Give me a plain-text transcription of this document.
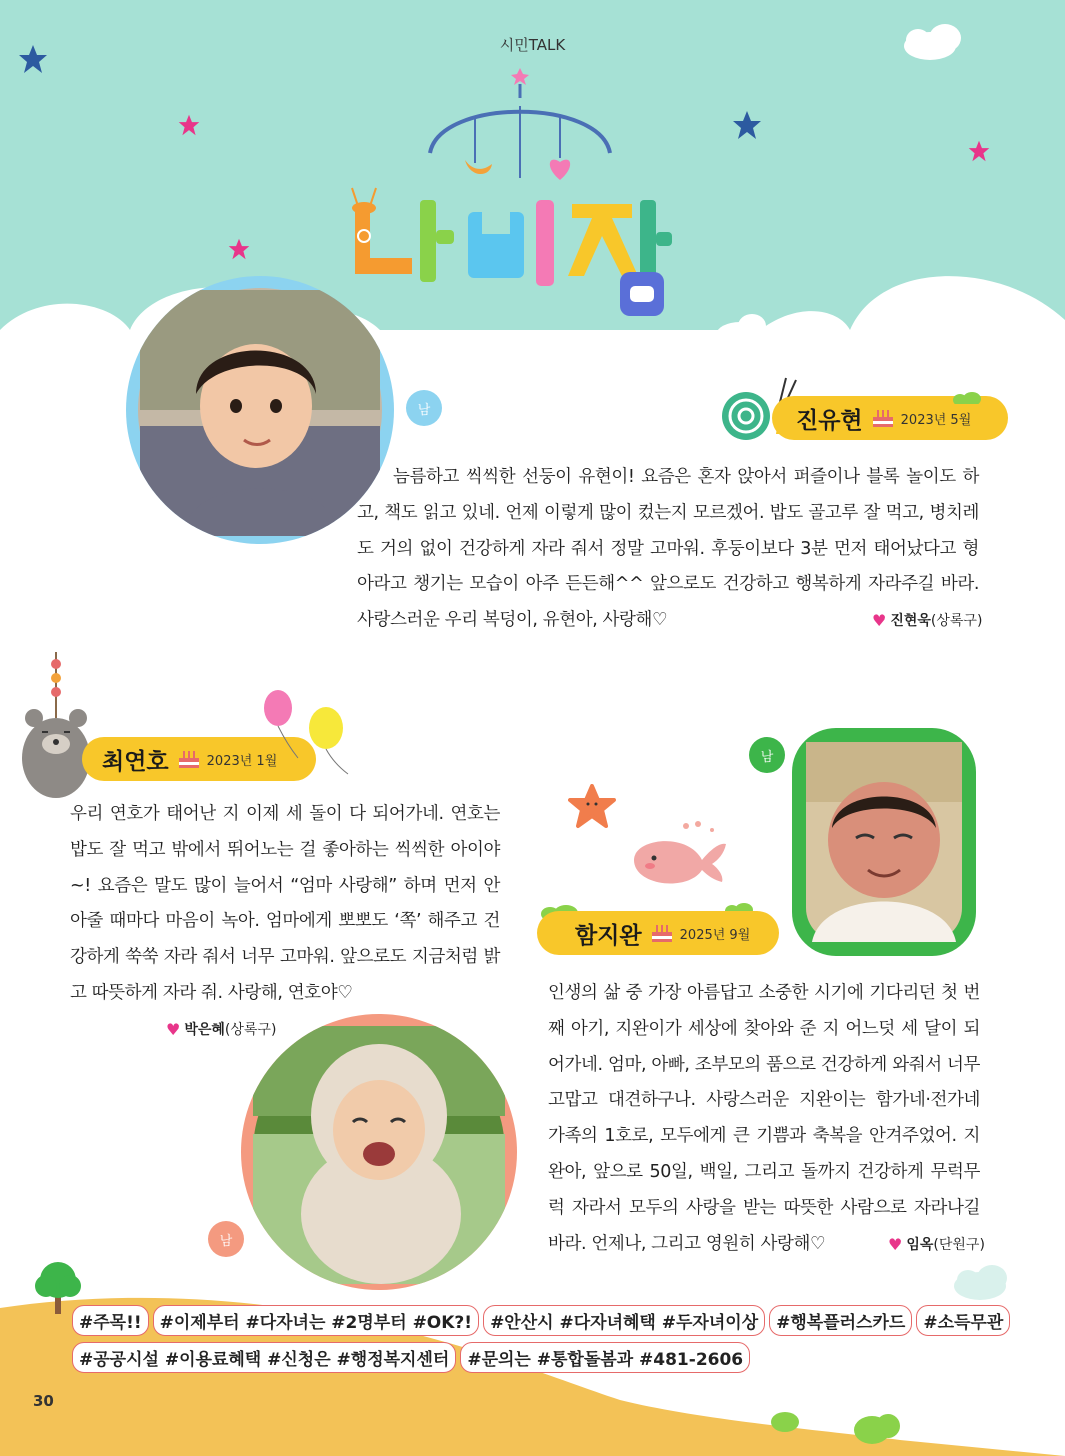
시민TALK
남	진유현	2023년 5월
늠름하고 씩씩한 선둥이 유현이! 요즘은 혼자 앉아서 퍼즐이나 블록 놀이도 하고, 책도 읽고 있네. 언제 이렇게 많이 컸는지 모르겠어. 밥도 골고루 잘 먹고, 병치레도 거의 없이 건강하게 자라 줘서 정말 고마워. 후둥이보다 3분 먼저 태어났다고 형아라고 챙기는 모습이 아주 든든해^^ 앞으로도 건강하고 행복하게 자라주길 바라. 사랑스러운 우리 복덩이, 유현아, 사랑해♡	♥ 진현욱 (상록구)
최연호	2023년 1월
우리 연호가 태어난 지 이제 세 돌이 다 되어가네. 연호는 밥도 잘 먹고 밖에서 뛰어노는 걸 좋아하는 씩씩한 아이야~! 요즘은 말도 많이 늘어서 “엄마 사랑해” 하며 먼저 안아줄 때마다 마음이 녹아. 엄마에게 뽀뽀도 ‘쪽’ 해주고 건강하게 쑥쑥 자라 줘서 너무 고마워. 앞으로도 지금처럼 밝고 따뜻하게 자라 줘. 사랑해, 연호야♡
♥ 박은혜 (상록구)
남
남
함지완	2025년 9월
인생의 삶 중 가장 아름답고 소중한 시기에 기다리던 첫 번째 아기, 지완이가 세상에 찾아와 준 지 어느덧 세 달이 되어가네. 엄마, 아빠, 조부모의 품으로 건강하게 와줘서 너무 고맙고 대견하구나. 사랑스러운 지완이는 함가네·전가네 가족의 1호로, 모두에게 큰 기쁨과 축복을 안겨주었어. 지완아, 앞으로 50일, 백일, 그리고 돌까지 건강하게 무럭무럭 자라서 모두의 사랑을 받는 따뜻한 사람으로 자라나길 바라. 언제나, 그리고 영원히 사랑해♡	♥ 임옥 (단원구)
#주목!!	#이제부터 #다자녀는 #2명부터 #OK?!	#안산시 #다자녀혜택 #두자녀이상	#행복플러스카드	#소득무관
#공공시설 #이용료혜택 #신청은 #행정복지센터	#문의는 #통합돌봄과 #481-2606
30
